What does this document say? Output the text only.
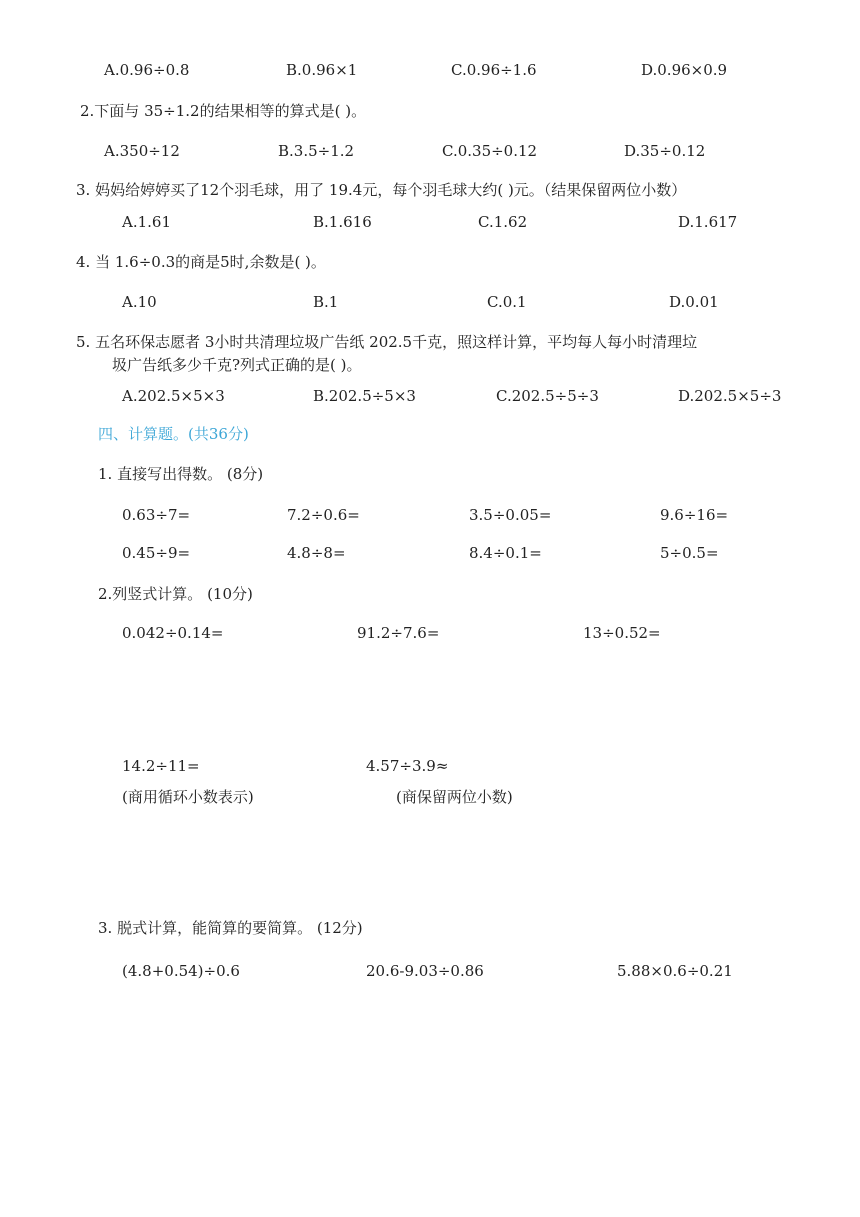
A.0.96÷0.8	B.0.96×1	C.0.96÷1.6	D.0.96×0.9
2.下面与 35÷1.2的结果相等的算式是( )。
A.350÷12	B.3.5÷1.2	C.0.35÷0.12	D.35÷0.12
3. 妈妈给婷婷买了12个羽毛球，用了 19.4元，每个羽毛球大约( )元。（结果保留两位小数）
A.1.61	B.1.616	C.1.62	D.1.617
4. 当 1.6÷0.3的商是5时,余数是( )。
A.10	B.1	C.0.1	D.0.01
5. 五名环保志愿者 3小时共清理垃圾广告纸 202.5千克，照这样计算，平均每人每小时清理垃
圾广告纸多少千克?列式正确的是( )。
A.202.5×5×3	B.202.5÷5×3	C.202.5÷5÷3	D.202.5×5÷3
四、计算题。(共36分)
1. 直接写出得数。 (8分)
0.63÷7=	7.2÷0.6=	3.5÷0.05=	9.6÷16=
0.45÷9=	4.8÷8=	8.4÷0.1=	5÷0.5=
2.列竖式计算。 (10分)
0.042÷0.14=	91.2÷7.6=	13÷0.52=
14.2÷11=	4.57÷3.9≈
(商用循环小数表示)	(商保留两位小数)
3. 脱式计算，能简算的要简算。 (12分)
(4.8+0.54)÷0.6	20.6-9.03÷0.86	5.88×0.6÷0.21
